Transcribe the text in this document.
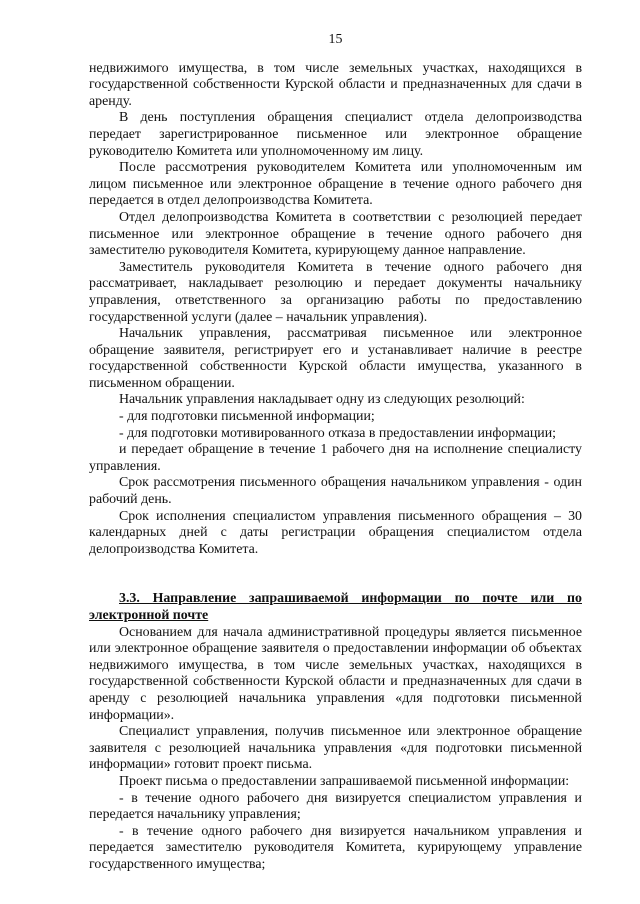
15

недвижимого имущества, в том числе земельных участках, находящихся в государственной собственности Курской области и предназначенных для сдачи в аренду.

В день поступления обращения специалист отдела делопроизводства передает зарегистрированное письменное или электронное обращение руководителю Комитета или уполномоченному им лицу.

После рассмотрения руководителем Комитета или уполномоченным им лицом письменное или электронное обращение в течение одного рабочего дня передается в отдел делопроизводства Комитета.

Отдел делопроизводства Комитета в соответствии с резолюцией передает письменное или электронное обращение в течение одного рабочего дня заместителю руководителя Комитета, курирующему данное направление.

Заместитель руководителя Комитета в течение одного рабочего дня рассматривает, накладывает резолюцию и передает документы начальнику управления, ответственного за организацию работы по предоставлению государственной услуги (далее – начальник управления).

Начальник управления, рассматривая письменное или электронное обращение заявителя, регистрирует его и устанавливает наличие в реестре государственной собственности Курской области имущества, указанного в письменном обращении.

Начальник управления накладывает одну из следующих резолюций:

- для подготовки письменной информации;

- для подготовки мотивированного отказа в предоставлении информации;

и передает обращение в течение 1 рабочего дня на исполнение специалисту управления.

Срок рассмотрения письменного обращения начальником управления - один рабочий день.

Срок исполнения специалистом управления письменного обращения – 30 календарных дней с даты регистрации обращения специалистом отдела делопроизводства Комитета.

3.3. Направление запрашиваемой информации по почте или по электронной почте

Основанием для начала административной процедуры является письменное или электронное обращение заявителя о предоставлении информации об объектах недвижимого имущества, в том числе земельных участках, находящихся в государственной собственности Курской области и предназначенных для сдачи в аренду с резолюцией начальника управления «для подготовки письменной информации».

Специалист управления, получив письменное или электронное обращение заявителя с резолюцией начальника управления «для подготовки письменной информации» готовит проект письма.

Проект письма о предоставлении запрашиваемой письменной информации:

- в течение одного рабочего дня визируется специалистом управления и передается начальнику управления;

- в течение одного рабочего дня визируется начальником управления и передается заместителю руководителя Комитета, курирующему управление государственного имущества;
